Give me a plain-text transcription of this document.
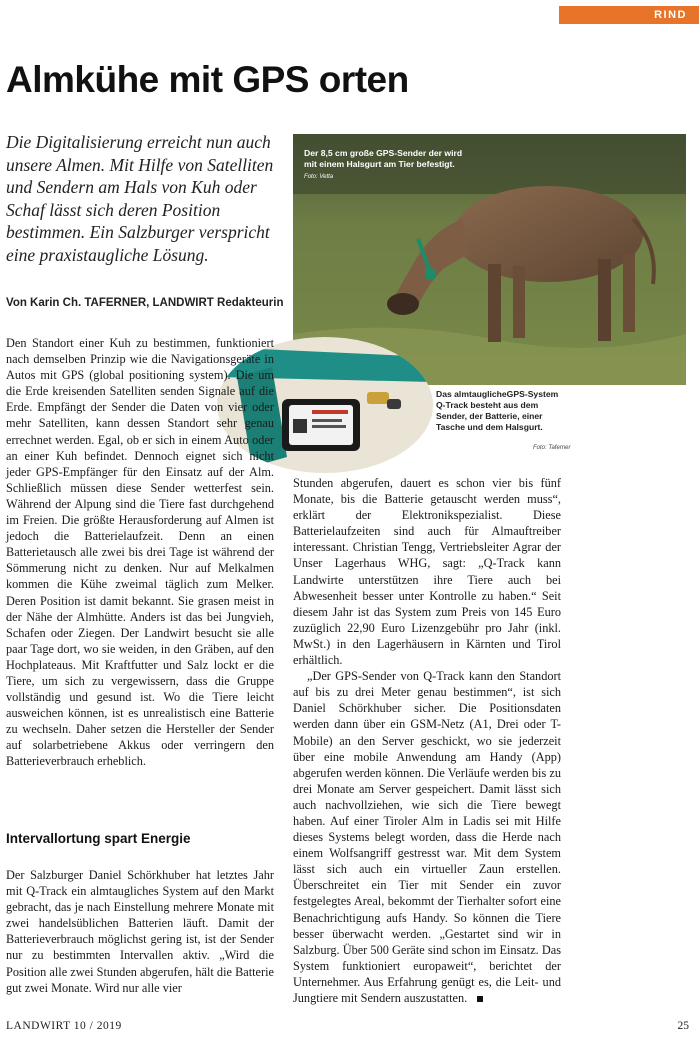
RIND
Almkühe mit GPS orten
Die Digitalisierung erreicht nun auch unsere Almen. Mit Hilfe von Satelliten und Sendern am Hals von Kuh oder Schaf lässt sich deren Position bestimmen. Ein Salzburger verspricht eine praxistaugliche Lösung.
Von Karin Ch. TAFERNER, LANDWIRT Redakteurin
Der 8,5 cm große GPS-Sender der wird mit einem Halsgurt am Tier befestigt. Foto: Vetta
Das almtauglicheGPS-System Q-Track besteht aus dem Sender, der Batterie, einer Tasche und dem Halsgurt.
Foto: Taferner
Den Standort einer Kuh zu bestimmen, funktioniert nach demselben Prinzip wie die Navigationsgeräte in Autos mit GPS (global positioning system). Die um die Erde kreisenden Satelliten senden Signale auf die Erde. Empfängt der Sender die Daten von vier oder mehr Satelliten, kann dessen Standort sehr genau errechnet werden. Egal, ob er sich in einem Auto oder an einer Kuh befindet. Dennoch eignet sich nicht jeder GPS-Empfänger für den Einsatz auf der Alm. Schließlich müssen diese Sender wetterfest sein. Während der Alpung sind die Tiere fast durchgehend im Freien. Die größte Herausforderung auf Almen ist jedoch die Batterielaufzeit. Denn an einen Batterietausch alle zwei bis drei Tage ist während der Sömmerung nicht zu denken. Nur auf Melkalmen kommen die Kühe zweimal täglich zum Melker. Deren Position ist damit bekannt. Sie grasen meist in der Nähe der Almhütte. Anders ist das bei Jungvieh, Schafen oder Ziegen. Der Landwirt besucht sie alle paar Tage dort, wo sie weiden, in den Gräben, auf den Hochplateaus. Mit Kraftfutter und Salz lockt er die Tiere, um sich zu vergewissern, dass die Gruppe vollständig und gesund ist. Wo die Tiere leicht ausweichen können, ist es unrealistisch eine Batterie zu wechseln. Daher setzen die Hersteller der Sender auf solarbetriebene Akkus oder verringern den Batterieverbrauch erheblich.
Intervallortung spart Energie
Der Salzburger Daniel Schörkhuber hat letztes Jahr mit Q-Track ein almtaugliches System auf den Markt gebracht, das je nach Einstellung mehrere Monate mit zwei handelsüblichen Batterien läuft. Damit der Batterieverbrauch möglichst gering ist, ist der Sender nur zu bestimmten Intervallen aktiv. „Wird die Position alle zwei Stunden abgerufen, hält die Batterie gut zwei Monate. Wird nur alle vier
Stunden abgerufen, dauert es schon vier bis fünf Monate, bis die Batterie getauscht werden muss“, erklärt der Elektronikspezialist. Diese Batterielaufzeiten sind auch für Almauftreiber interessant. Christian Tengg, Vertriebsleiter Agrar der Unser Lagerhaus WHG, sagt: „Q-Track kann Landwirte unterstützen ihre Tiere auch bei Abwesenheit besser unter Kontrolle zu haben.“ Seit diesem Jahr ist das System zum Preis von 145 Euro zuzüglich 22,90 Euro Lizenzgebühr pro Jahr (inkl. MwSt.) in den Lagerhäusern in Kärnten und Tirol erhältlich.
„Der GPS-Sender von Q-Track kann den Standort auf bis zu drei Meter genau bestimmen“, ist sich Daniel Schörkhuber sicher. Die Positionsdaten werden dann über ein GSM-Netz (A1, Drei oder T-Mobile) an den Server geschickt, wo sie jederzeit über eine mobile Anwendung am Handy (App) abgerufen werden können. Die Verläufe werden bis zu drei Monate am Server gespeichert. Damit lässt sich auch nachvollziehen, wie sich die Tiere bewegt haben. Auf einer Tiroler Alm in Ladis sei mit Hilfe dieses Systems belegt worden, dass die Herde nach einem Wolfsangriff gestresst war. Mit dem System lässt sich auch ein virtueller Zaun erstellen. Überschreitet ein Tier mit Sender ein zuvor festgelegtes Areal, bekommt der Tierhalter sofort eine Benachrichtigung aufs Handy. So können die Tiere besser überwacht werden. „Gestartet sind wir in Salzburg. Über 500 Geräte sind schon im Einsatz. Das System funktioniert europaweit“, berichtet der Unternehmer. Aus Erfahrung genügt es, die Leit- und Jungtiere mit Sendern auszustatten.
LANDWIRT 10 / 2019	25
